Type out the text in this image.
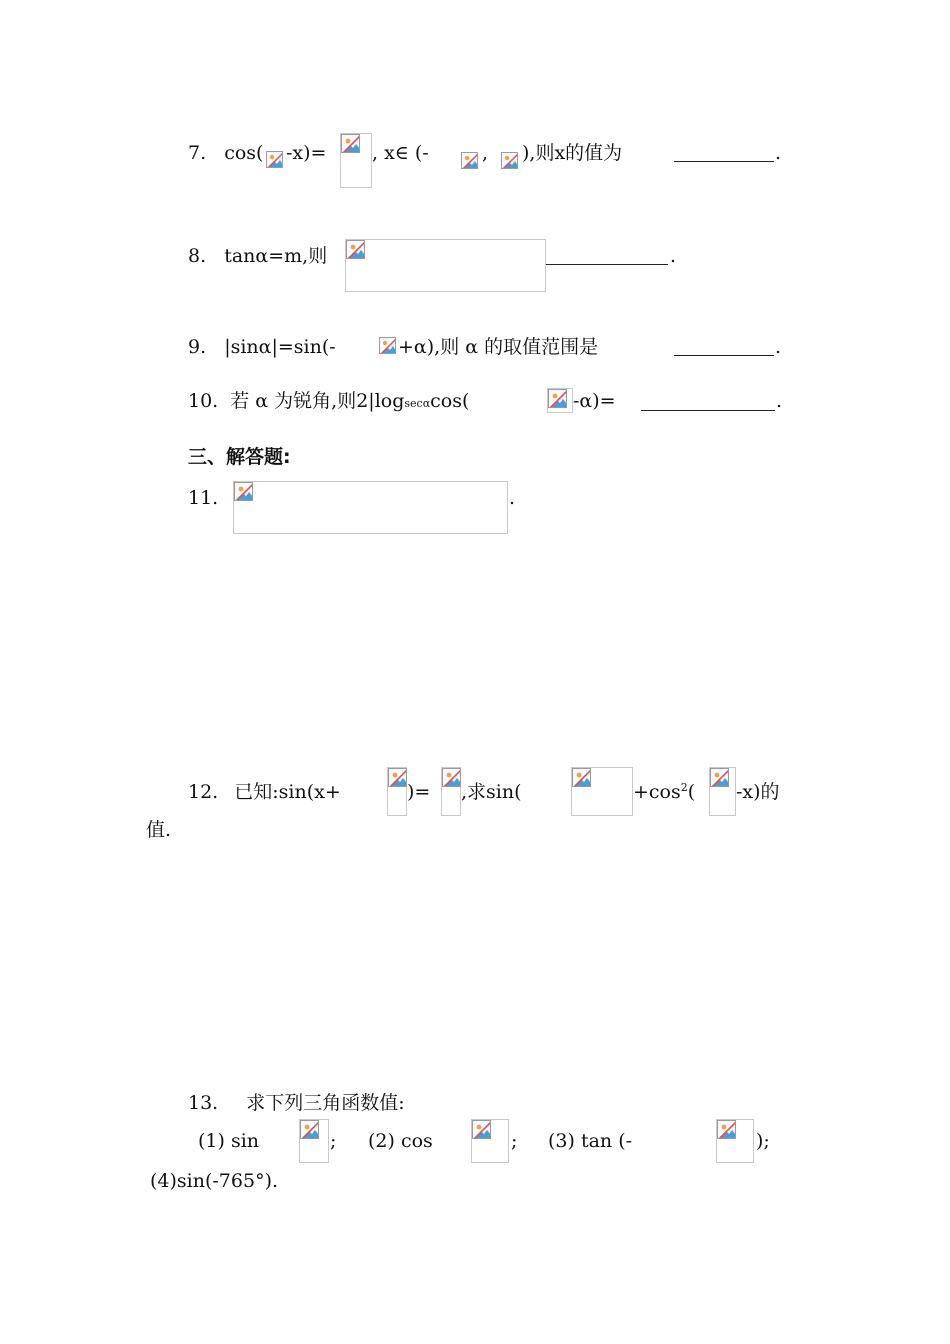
7. cos( -x)= , x∈ (-	, ),则x的值为	.
8. tanα=m,则	.
9. |sinα|=sin(-	+α),则 α 的取值范围是	.
10. 若 α 为锐角,则2|logsecαcos(	-α)=	.
三、解答题:
11.	.
12. 已知:sin(x+	)= ,求sin(	$+\cos^2$( -x)的
值.
13. 求下列三角函数值:
(1) sin	; (2) cos	; (3) tan (-	);
(4)sin(-765°).
